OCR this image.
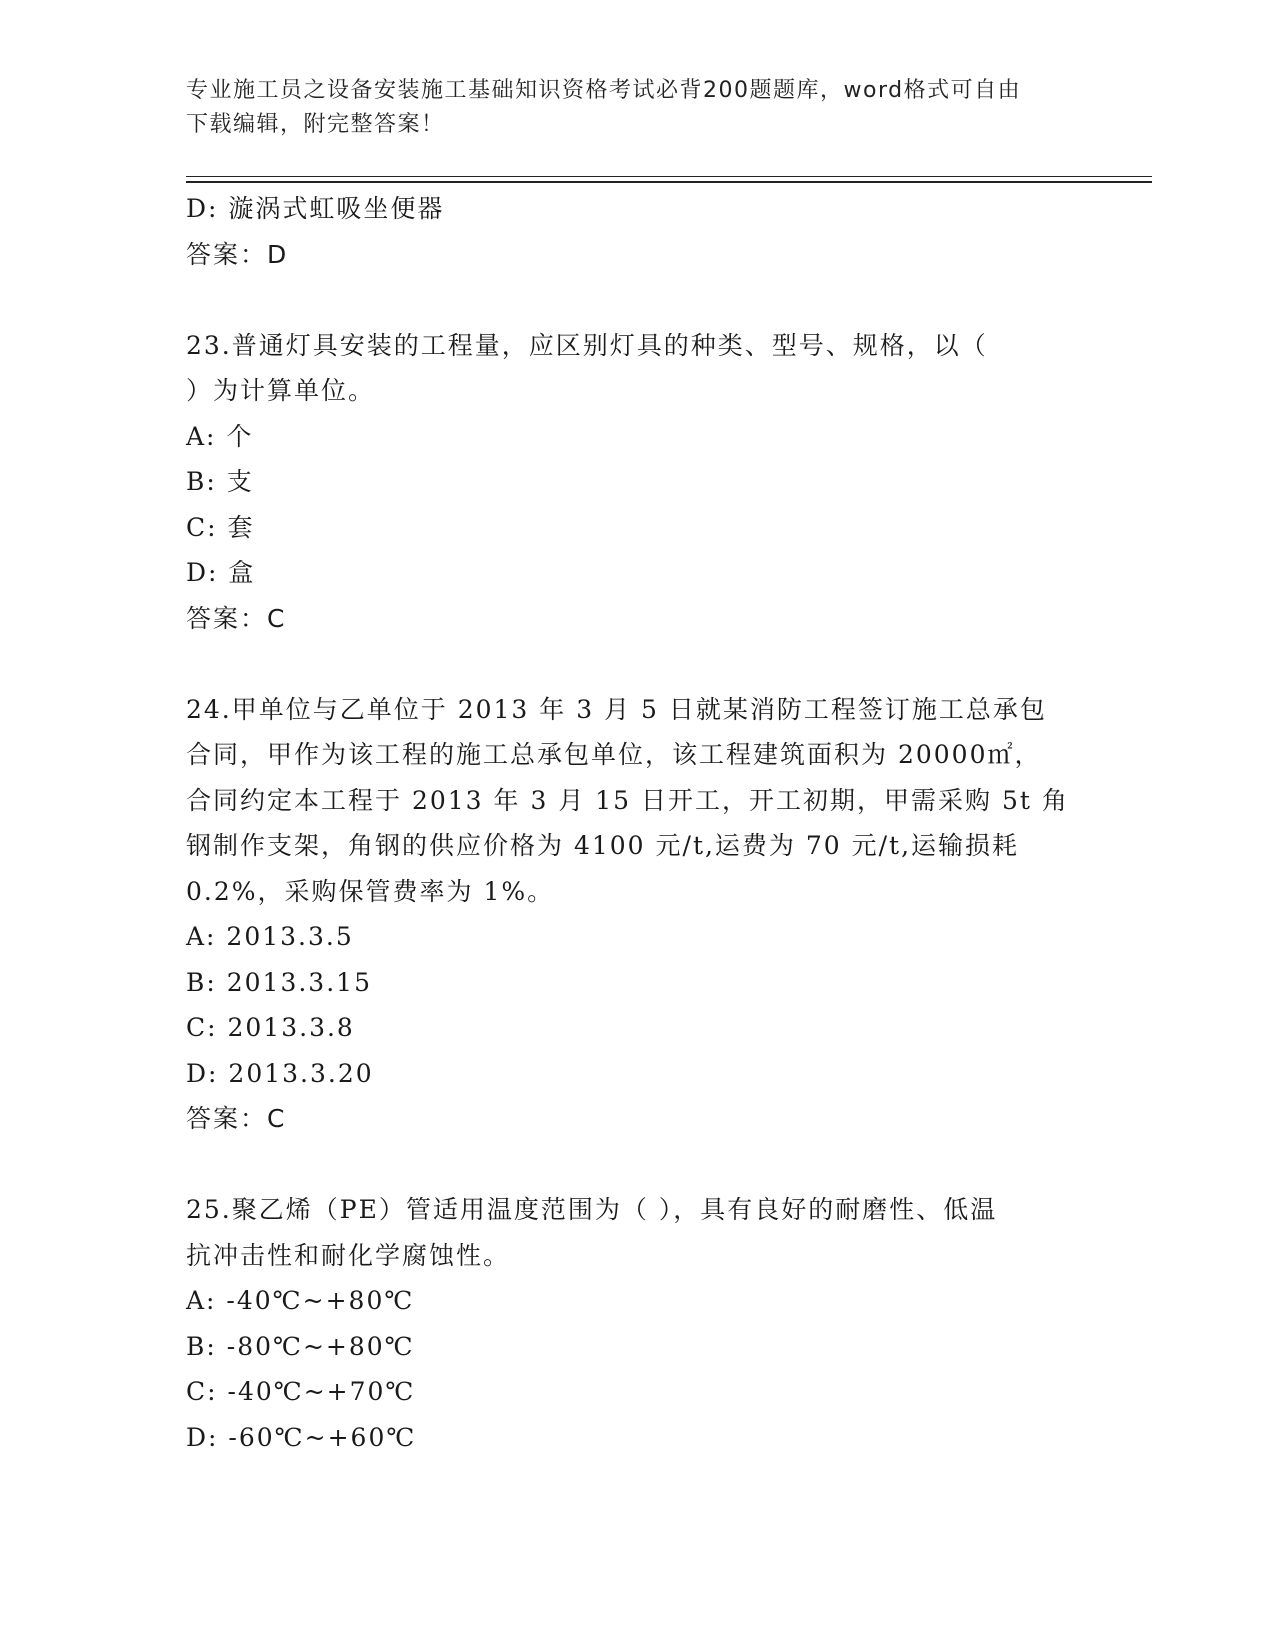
专业施工员之设备安装施工基础知识资格考试必背200题题库，word格式可自由
下载编辑，附完整答案！
D: 漩涡式虹吸坐便器
答案：D
23.普通灯具安装的工程量，应区别灯具的种类、型号、规格，以（
）为计算单位。
A: 个
B: 支
C: 套
D: 盒
答案：C
24.甲单位与乙单位于 2013 年 3 月 5 日就某消防工程签订施工总承包
合同，甲作为该工程的施工总承包单位，该工程建筑面积为 20000㎡，
合同约定本工程于 2013 年 3 月 15 日开工，开工初期，甲需采购 5t 角
钢制作支架，角钢的供应价格为 4100 元/t,运费为 70 元/t,运输损耗
0.2%，采购保管费率为 1%。
A: 2013.3.5
B: 2013.3.15
C: 2013.3.8
D: 2013.3.20
答案：C
25.聚乙烯（PE）管适用温度范围为（ ），具有良好的耐磨性、低温
抗冲击性和耐化学腐蚀性。
A: -40℃~+80℃
B: -80℃~+80℃
C: -40℃~+70℃
D: -60℃~+60℃
